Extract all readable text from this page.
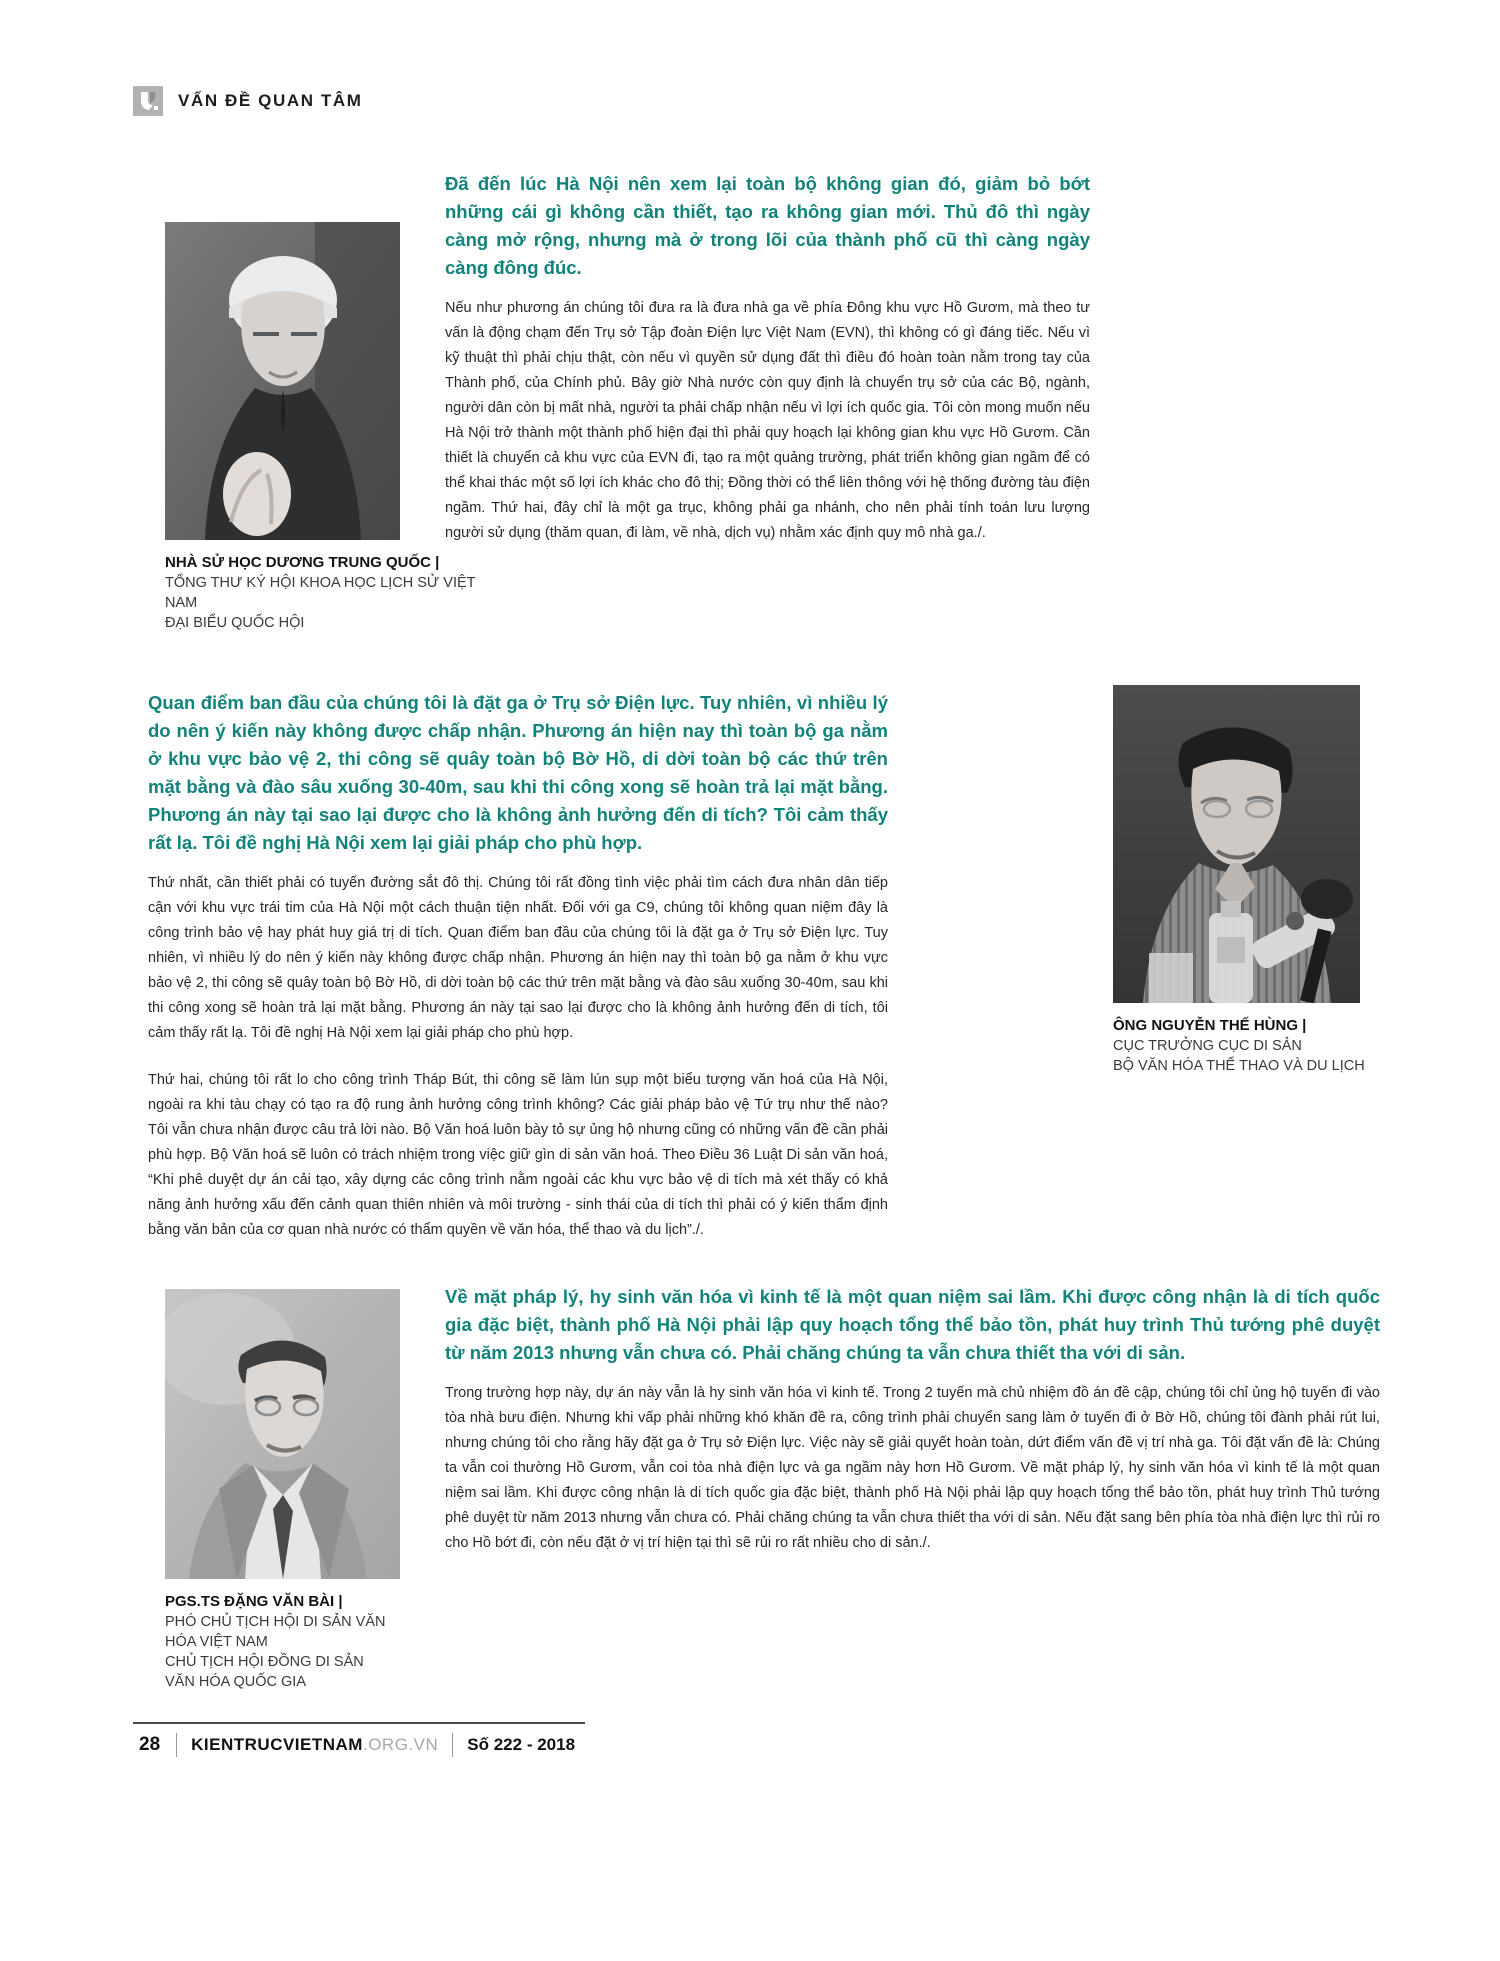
VẤN ĐỀ QUAN TÂM
NHÀ SỬ HỌC DƯƠNG TRUNG QUỐC |
TỔNG THƯ KÝ HỘI KHOA HỌC LỊCH SỬ VIỆT NAM
ĐẠI BIỂU QUỐC HỘI

Đã đến lúc Hà Nội nên xem lại toàn bộ không gian đó, giảm bỏ bớt những cái gì không cần thiết, tạo ra không gian mới. Thủ đô thì ngày càng mở rộng, nhưng mà ở trong lõi của thành phố cũ thì càng ngày càng đông đúc.

Nếu như phương án chúng tôi đưa ra là đưa nhà ga về phía Đông khu vực Hồ Gươm, mà theo tư vấn là động chạm đến Trụ sở Tập đoàn Điện lực Việt Nam (EVN), thì không có gì đáng tiếc. Nếu vì kỹ thuật thì phải chịu thật, còn nếu vì quyền sử dụng đất thì điều đó hoàn toàn nằm trong tay của Thành phố, của Chính phủ. Bây giờ Nhà nước còn quy định là chuyển trụ sở của các Bộ, ngành, người dân còn bị mất nhà, người ta phải chấp nhận nếu vì lợi ích quốc gia. Tôi còn mong muốn nếu Hà Nội trở thành một thành phố hiện đại thì phải quy hoạch lại không gian khu vực Hồ Gươm. Cần thiết là chuyển cả khu vực của EVN đi, tạo ra một quảng trường, phát triển không gian ngầm để có thể khai thác một số lợi ích khác cho đô thị; Đồng thời có thể liên thông với hệ thống đường tàu điện ngầm. Thứ hai, đây chỉ là một ga trục, không phải ga nhánh, cho nên phải tính toán lưu lượng người sử dụng (thăm quan, đi làm, về nhà, dịch vụ) nhằm xác định quy mô nhà ga./.

Quan điểm ban đầu của chúng tôi là đặt ga ở Trụ sở Điện lực. Tuy nhiên, vì nhiều lý do nên ý kiến này không được chấp nhận. Phương án hiện nay thì toàn bộ ga nằm ở khu vực bảo vệ 2, thi công sẽ quây toàn bộ Bờ Hồ, di dời toàn bộ các thứ trên mặt bằng và đào sâu xuống 30-40m, sau khi thi công xong sẽ hoàn trả lại mặt bằng. Phương án này tại sao lại được cho là không ảnh hưởng đến di tích? Tôi cảm thấy rất lạ. Tôi đề nghị Hà Nội xem lại giải pháp cho phù hợp.

Thứ nhất, cần thiết phải có tuyến đường sắt đô thị. Chúng tôi rất đồng tình việc phải tìm cách đưa nhân dân tiếp cận với khu vực trái tim của Hà Nội một cách thuận tiện nhất. Đối với ga C9, chúng tôi không quan niệm đây là công trình bảo vệ hay phát huy giá trị di tích. Quan điểm ban đầu của chúng tôi là đặt ga ở Trụ sở Điện lực. Tuy nhiên, vì nhiều lý do nên ý kiến này không được chấp nhận. Phương án hiện nay thì toàn bộ ga nằm ở khu vực bảo vệ 2, thi công sẽ quây toàn bộ Bờ Hồ, di dời toàn bộ các thứ trên mặt bằng và đào sâu xuống 30-40m, sau khi thi công xong sẽ hoàn trả lại mặt bằng. Phương án này tại sao lại được cho là không ảnh hưởng đến di tích, tôi cảm thấy rất lạ. Tôi đề nghị Hà Nội xem lại giải pháp cho phù hợp.

Thứ hai, chúng tôi rất lo cho công trình Tháp Bút, thi công sẽ làm lún sụp một biểu tượng văn hoá của Hà Nội, ngoài ra khi tàu chạy có tạo ra độ rung ảnh hưởng công trình không? Các giải pháp bảo vệ Tứ trụ như thế nào? Tôi vẫn chưa nhận được câu trả lời nào. Bộ Văn hoá luôn bày tỏ sự ủng hộ nhưng cũng có những vấn đề cần phải phù hợp. Bộ Văn hoá sẽ luôn có trách nhiệm trong việc giữ gìn di sản văn hoá. Theo Điều 36 Luật Di sản văn hoá, “Khi phê duyệt dự án cải tạo, xây dựng các công trình nằm ngoài các khu vực bảo vệ di tích mà xét thấy có khả năng ảnh hưởng xấu đến cảnh quan thiên nhiên và môi trường - sinh thái của di tích thì phải có ý kiến thẩm định bằng văn bản của cơ quan nhà nước có thẩm quyền về văn hóa, thể thao và du lịch”./.

ÔNG NGUYỄN THẾ HÙNG |
CỤC TRƯỞNG CỤC DI SẢN
BỘ VĂN HÓA THỂ THAO VÀ DU LỊCH
PGS.TS ĐẶNG VĂN BÀI |
PHÓ CHỦ TỊCH HỘI DI SẢN VĂN HÓA VIỆT NAM
CHỦ TỊCH HỘI ĐỒNG DI SẢN VĂN HÓA QUỐC GIA

Về mặt pháp lý, hy sinh văn hóa vì kinh tế là một quan niệm sai lầm. Khi được công nhận là di tích quốc gia đặc biệt, thành phố Hà Nội phải lập quy hoạch tổng thể bảo tồn, phát huy trình Thủ tướng phê duyệt từ năm 2013 nhưng vẫn chưa có. Phải chăng chúng ta vẫn chưa thiết tha với di sản.

Trong trường hợp này, dự án này vẫn là hy sinh văn hóa vì kinh tế. Trong 2 tuyến mà chủ nhiệm đồ án đề cập, chúng tôi chỉ ủng hộ tuyến đi vào tòa nhà bưu điện. Nhưng khi vấp phải những khó khăn đề ra, công trình phải chuyển sang làm ở tuyến đi ở Bờ Hồ, chúng tôi đành phải rút lui, nhưng chúng tôi cho rằng hãy đặt ga ở Trụ sở Điện lực. Việc này sẽ giải quyết hoàn toàn, dứt điểm vấn đề vị trí nhà ga. Tôi đặt vấn đề là: Chúng ta vẫn coi thường Hồ Gươm, vẫn coi tòa nhà điện lực và ga ngầm này hơn Hồ Gươm. Về mặt pháp lý, hy sinh văn hóa vì kinh tế là một quan niệm sai lầm. Khi được công nhận là di tích quốc gia đặc biệt, thành phố Hà Nội phải lập quy hoạch tổng thể bảo tồn, phát huy trình Thủ tướng phê duyệt từ năm 2013 nhưng vẫn chưa có. Phải chăng chúng ta vẫn chưa thiết tha với di sản. Nếu đặt sang bên phía tòa nhà điện lực thì rủi ro cho Hồ bớt đi, còn nếu đặt ở vị trí hiện tại thì sẽ rủi ro rất nhiều cho di sản./.

28	KIENTRUCVIETNAM.ORG.VN	Số 222 - 2018
